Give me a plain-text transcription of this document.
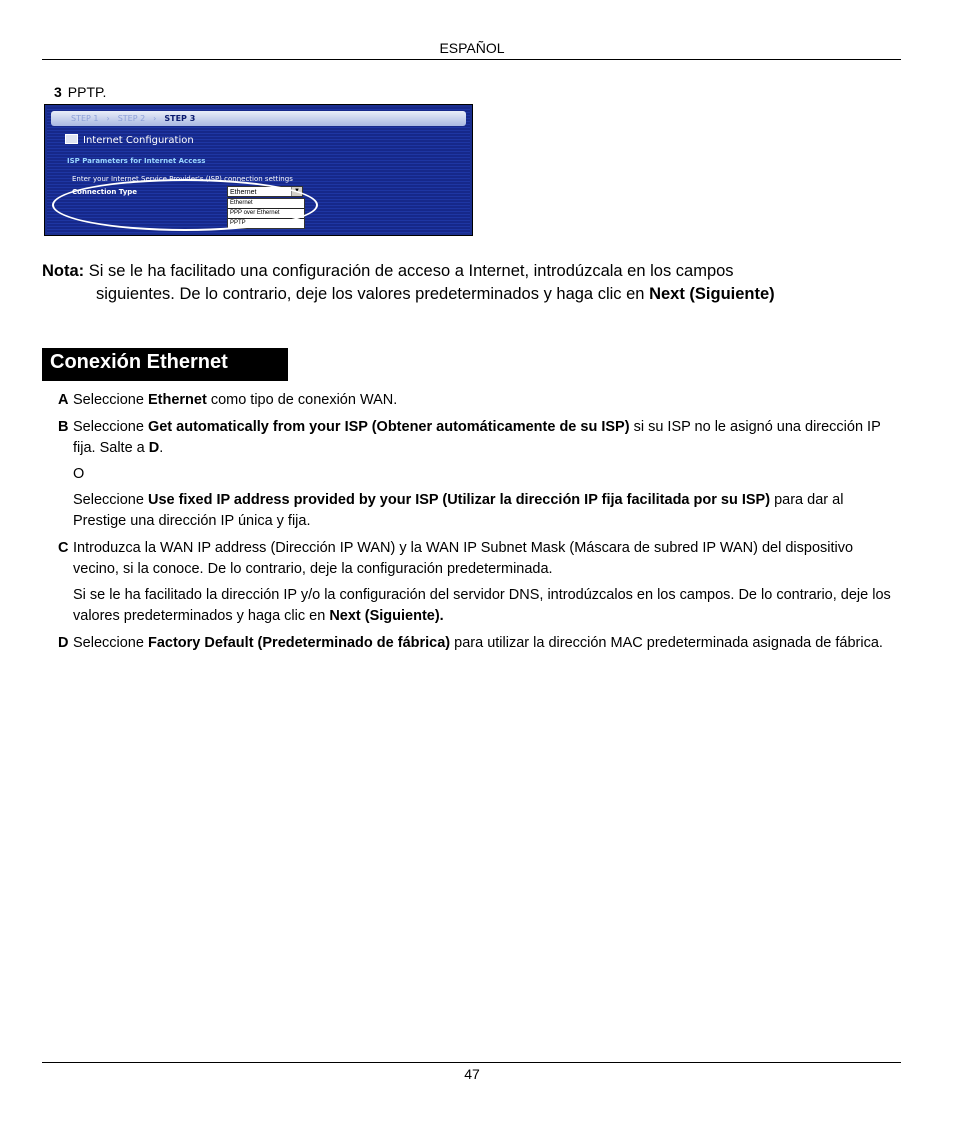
ESPAÑOL
3 PPTP.
STEP 1 › STEP 2 › STEP 3
Internet Configuration
ISP Parameters for Internet Access
Enter your Internet Service Provider's (ISP) connection settings
Connection Type	Ethernet	▼
Ethernet
PPP over Ethernet
PPTP
Nota: Si se le ha facilitado una configuración de acceso a Internet, introdúzcala en los campos
siguientes. De lo contrario, deje los valores predeterminados y haga clic en Next (Siguiente)
Conexión Ethernet
A Seleccione Ethernet como tipo de conexión WAN.

B Seleccione Get automatically from your ISP (Obtener automáticamente de su ISP) si su ISP no le asignó una dirección IP fija. Salte a D.

O

Seleccione Use fixed IP address provided by your ISP (Utilizar la dirección IP fija facilitada por su ISP) para dar al Prestige una dirección IP única y fija.

C Introduzca la WAN IP address (Dirección IP WAN) y la WAN IP Subnet Mask (Máscara de subred IP WAN) del dispositivo vecino, si la conoce. De lo contrario, deje la configuración predeterminada.

Si se le ha facilitado la dirección IP y/o la configuración del servidor DNS, introdúzcalos en los campos. De lo contrario, deje los valores predeterminados y haga clic en Next (Siguiente).

D Seleccione Factory Default (Predeterminado de fábrica) para utilizar la dirección MAC predeterminada asignada de fábrica.

47
